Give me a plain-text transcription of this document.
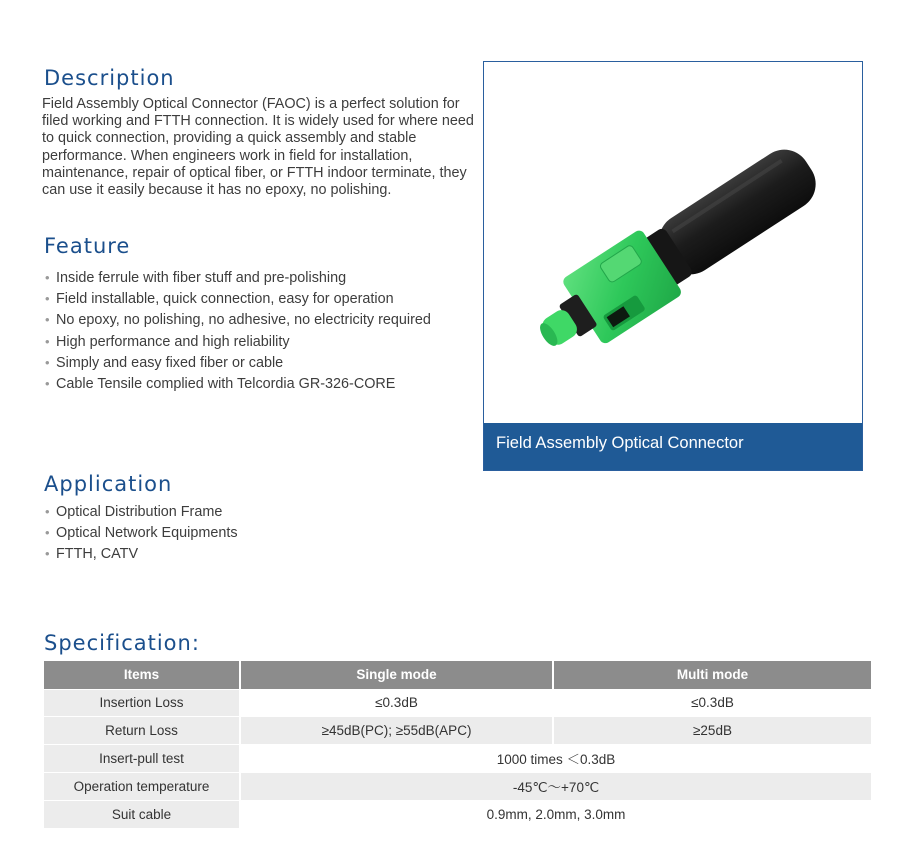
Description

Field Assembly Optical Connector (FAOC) is a perfect solution for filed working and FTTH connection. It is widely used for where need to quick connection, providing a quick assembly and stable performance. When engineers work in field for installation, maintenance, repair of optical fiber, or FTTH indoor terminate, they can use it easily because it has no epoxy, no polishing.

Feature
• Inside ferrule with fiber stuff and pre-polishing
• Field installable, quick connection, easy for operation
• No epoxy, no polishing, no adhesive, no electricity required
• High performance and high reliability
• Simply and easy fixed fiber or cable
• Cable Tensile complied with Telcordia GR-326-CORE
Field Assembly Optical Connector
Application
• Optical Distribution Frame
• Optical Network Equipments
• FTTH, CATV
Specification:
Items	Single mode	Multi mode
Insertion Loss	≤0.3dB	≤0.3dB
Return Loss	≥45dB(PC); ≥55dB(APC)	≥25dB
Insert-pull test	1000 times ＜0.3dB	
Operation temperature	-45℃～+70℃	
Suit cable	0.9mm, 2.0mm, 3.0mm	
